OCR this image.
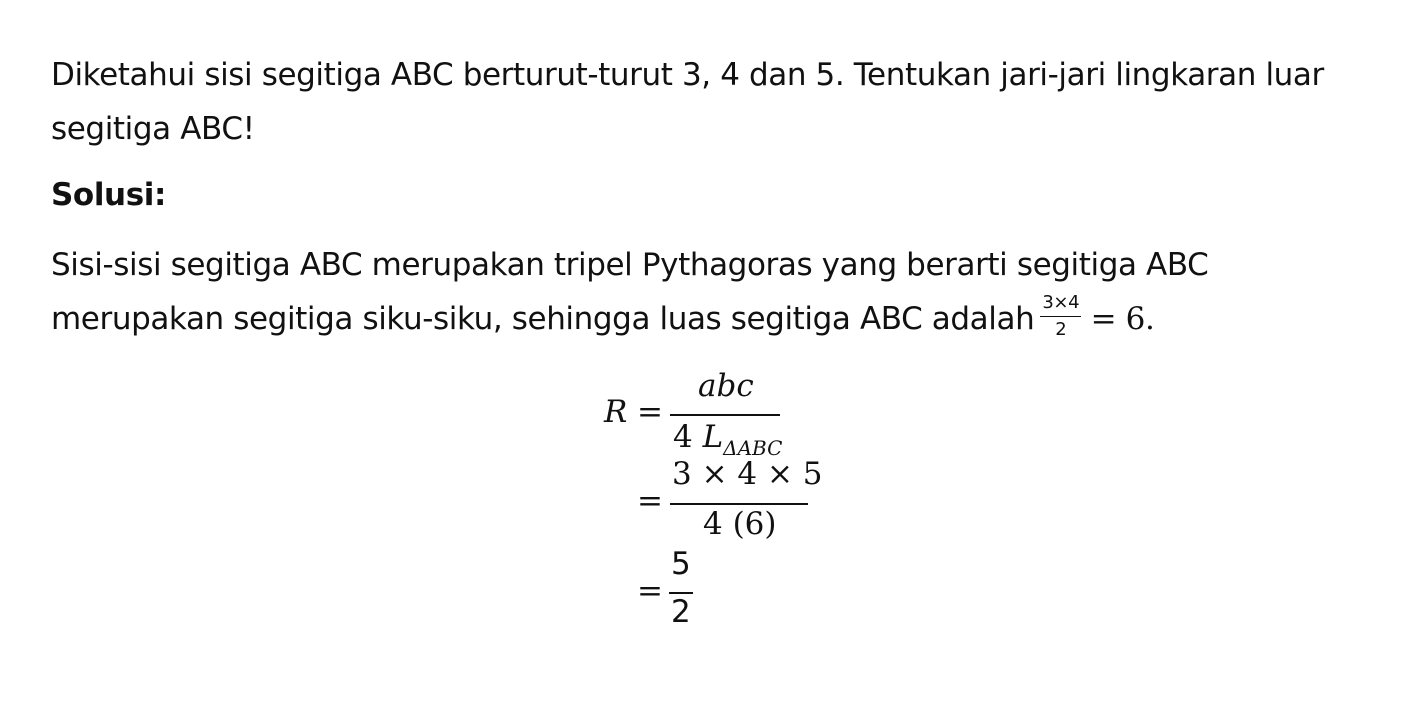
Diketahui sisi segitiga ABC berturut-turut 3, 4 dan 5. Tentukan jari-jari lingkaran luar segitiga ABC!

Solusi:

Sisi-sisi segitiga ABC merupakan tripel Pythagoras yang berarti segitiga ABC merupakan segitiga siku-siku, sehingga luas segitiga ABC adalah $\frac{3\times 4}{2} = 6$.

R =
abc
4 $L_{\Delta ABC}$
=
3 × 4 × 5
4 (6)
=
5
2
